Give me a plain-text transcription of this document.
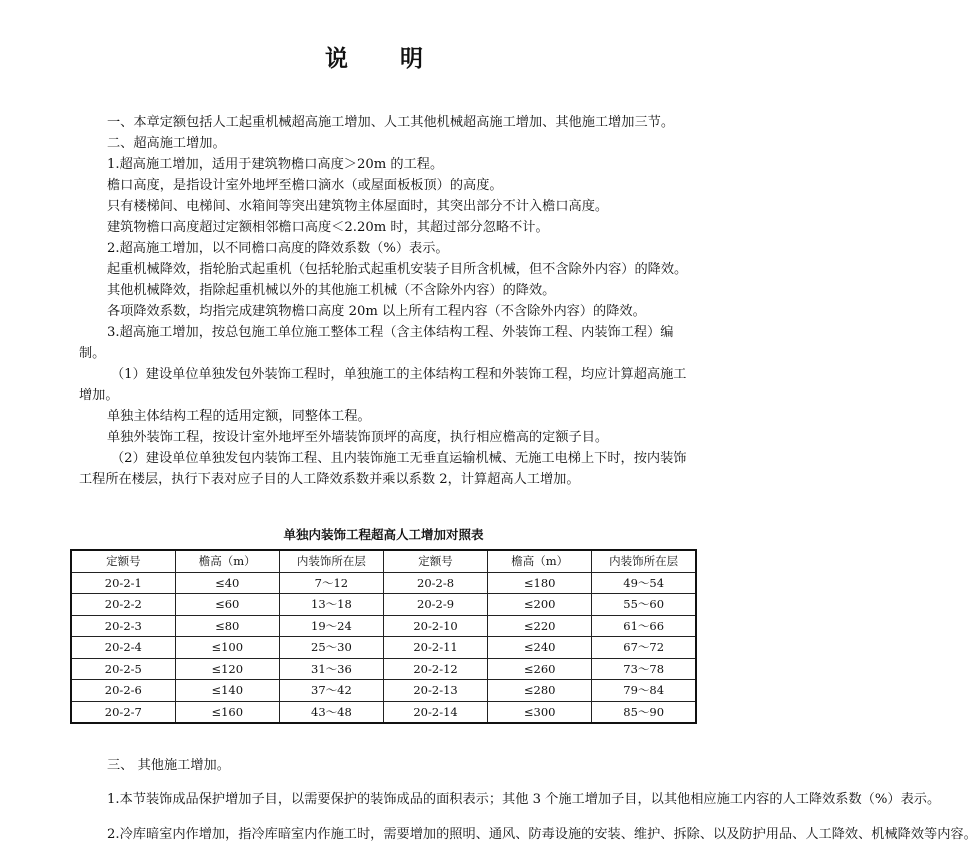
说 明

一、本章定额包括人工起重机械超高施工增加、人工其他机械超高施工增加、其他施工增加三节。

二、超高施工增加。

1.超高施工增加，适用于建筑物檐口高度＞20m 的工程。

檐口高度，是指设计室外地坪至檐口滴水（或屋面板板顶）的高度。

只有楼梯间、电梯间、水箱间等突出建筑物主体屋面时，其突出部分不计入檐口高度。

建筑物檐口高度超过定额相邻檐口高度＜2.20m 时，其超过部分忽略不计。

2.超高施工增加，以不同檐口高度的降效系数（%）表示。

起重机械降效，指轮胎式起重机（包括轮胎式起重机安装子目所含机械，但不含除外内容）的降效。

其他机械降效，指除起重机械以外的其他施工机械（不含除外内容）的降效。

各项降效系数，均指完成建筑物檐口高度 20m 以上所有工程内容（不含除外内容）的降效。

3.超高施工增加，按总包施工单位施工整体工程（含主体结构工程、外装饰工程、内装饰工程）编制。

（1）建设单位单独发包外装饰工程时，单独施工的主体结构工程和外装饰工程，均应计算超高施工增加。

单独主体结构工程的适用定额，同整体工程。

单独外装饰工程，按设计室外地坪至外墙装饰顶坪的高度，执行相应檐高的定额子目。

（2）建设单位单独发包内装饰工程、且内装饰施工无垂直运输机械、无施工电梯上下时，按内装饰工程所在楼层，执行下表对应子目的人工降效系数并乘以系数 2，计算超高人工增加。

单独内装饰工程超高人工增加对照表
定额号	檐高（m）	内装饰所在层	定额号	檐高（m）	内装饰所在层
20-2-1	≤40	7～12	20-2-8	≤180	49～54
20-2-2	≤60	13～18	20-2-9	≤200	55～60
20-2-3	≤80	19～24	20-2-10	≤220	61～66
20-2-4	≤100	25～30	20-2-11	≤240	67～72
20-2-5	≤120	31～36	20-2-12	≤260	73～78
20-2-6	≤140	37～42	20-2-13	≤280	79～84
20-2-7	≤160	43～48	20-2-14	≤300	85～90

三、 其他施工增加。

1.本节装饰成品保护增加子目，以需要保护的装饰成品的面积表示；其他 3 个施工增加子目，以其他相应施工内容的人工降效系数（%）表示。

2.冷库暗室内作增加，指冷库暗室内作施工时，需要增加的照明、通风、防毒设施的安装、维护、拆除、以及防护用品、人工降效、机械降效等内容。
